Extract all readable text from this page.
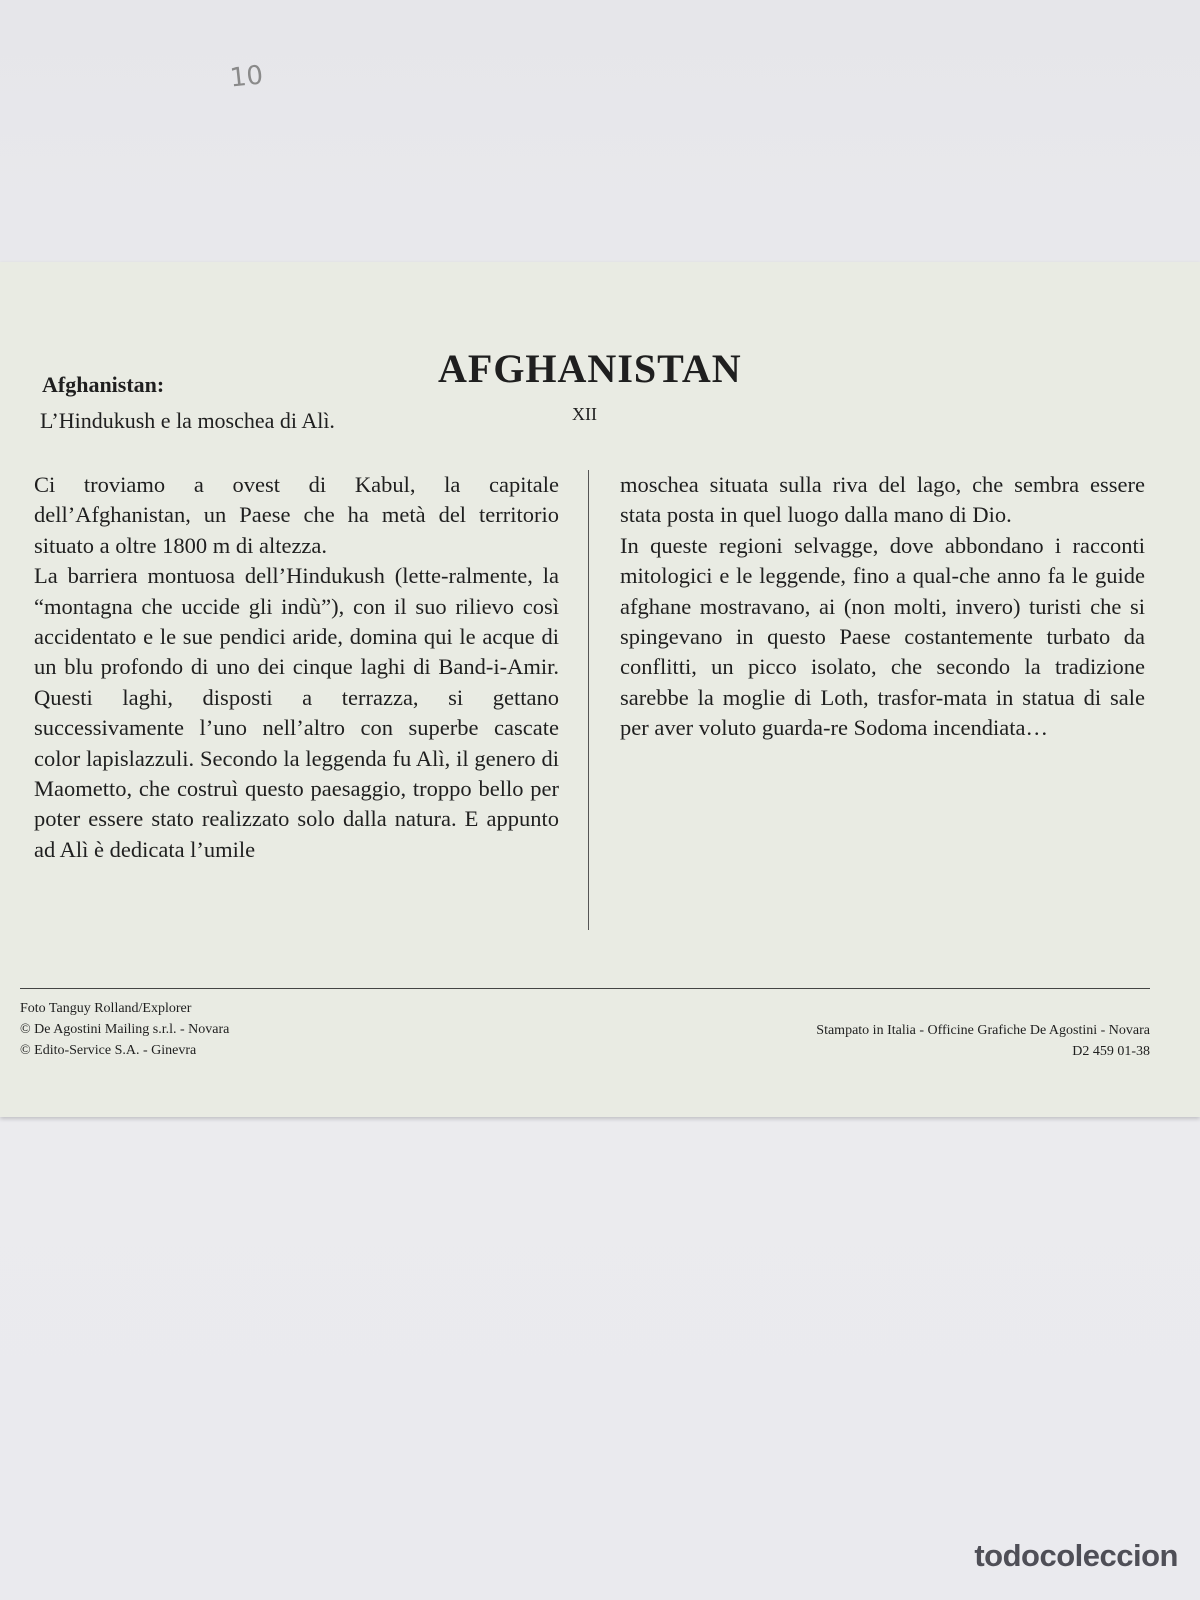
10
AFGHANISTAN
Afghanistan:
L’Hindukush e la moschea di Alì.	XII

Ci troviamo a ovest di Kabul, la capitale dell’Afghanistan, un Paese che ha metà del territorio situato a oltre 1800 m di altezza.

La barriera montuosa dell’Hindukush (lette-ralmente, la “montagna che uccide gli indù”), con il suo rilievo così accidentato e le sue pendici aride, domina qui le acque di un blu profondo di uno dei cinque laghi di Band-i-Amir. Questi laghi, disposti a terrazza, si gettano successivamente l’uno nell’altro con superbe cascate color lapislazzuli. Secondo la leggenda fu Alì, il genero di Maometto, che costruì questo paesaggio, troppo bello per poter essere stato realizzato solo dalla natura. E appunto ad Alì è dedicata l’umile

moschea situata sulla riva del lago, che sembra essere stata posta in quel luogo dalla mano di Dio.

In queste regioni selvagge, dove abbondano i racconti mitologici e le leggende, fino a qual-che anno fa le guide afghane mostravano, ai (non molti, invero) turisti che si spingevano in questo Paese costantemente turbato da conflitti, un picco isolato, che secondo la tradizione sarebbe la moglie di Loth, trasfor-mata in statua di sale per aver voluto guarda-re Sodoma incendiata…

Foto Tanguy Rolland/Explorer
© De Agostini Mailing s.r.l. - Novara
© Edito-Service S.A. - Ginevra
Stampato in Italia - Officine Grafiche De Agostini - Novara
D2 459 01-38
todocoleccion
